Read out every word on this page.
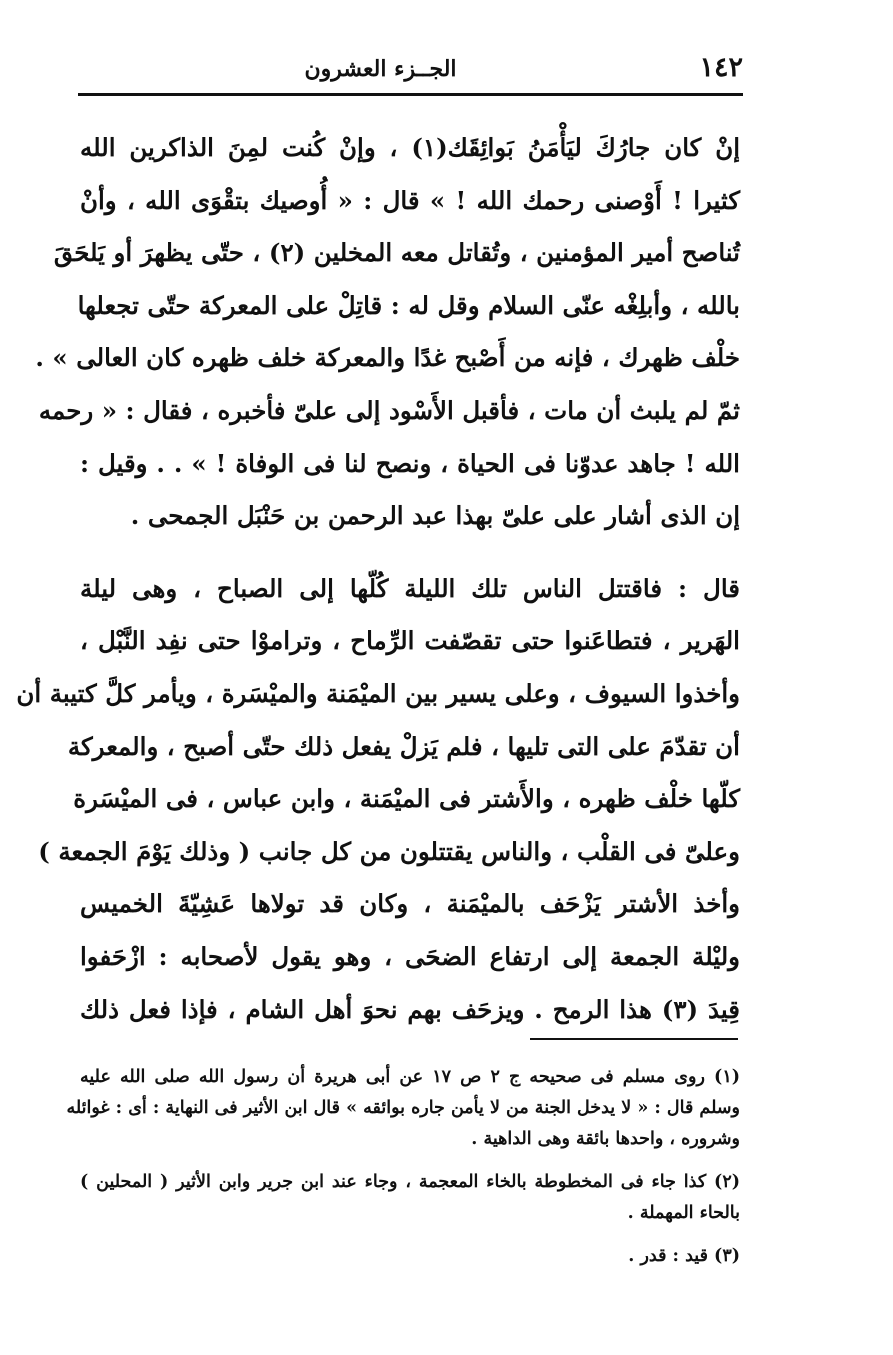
١٤٢
الجــزء العشرون
إنْ كان جارُكَ ليَأْمَنُ بَوائِقَك(١) ، وإنْ كُنت لمِنَ الذاكرين الله
كثيرا ! أَوْصنى رحمك الله ! » قال : « أُوصيك بتقْوَى الله ، وأنْ
تُناصح أمير المؤمنين ، وتُقاتل معه المخلين (٢) ، حتّى يظهرَ أو يَلحَقَ
بالله ، وأبلِغْه عنّى السلام وقل له : قاتِلْ على المعركة حتّى تجعلها
خلْف ظهرك ، فإنه من أَصْبح غدًا والمعركة خلف ظهره كان العالى » .
ثمّ لم يلبث أن مات ، فأقبل الأَسْود إلى علىّ فأخبره ، فقال : « رحمه
الله ! جاهد عدوّنا فى الحياة ، ونصح لنا فى الوفاة ! » . . وقيل :
إن الذى أشار على علىّ بهذا عبد الرحمن بن حَنْبَل الجمحى .
قال : فاقتتل الناس تلك الليلة كُلّها إلى الصباح ، وهى ليلة
الهَرير ، فتطاعَنوا حتى تقصّفت الرِّماح ، وتراموْا حتى نفِد النَّبْل ،
وأخذوا السيوف ، وعلى يسير بين الميْمَنة والميْسَرة ، ويأمر كلَّ كتيبة أن
أن تقدّمَ على التى تليها ، فلم يَزلْ يفعل ذلك حتّى أصبح ، والمعركة
كلّها خلْف ظهره ، والأَشتر فى الميْمَنة ، وابن عباس ، فى الميْسَرة
وعلىّ فى القلْب ، والناس يقتتلون من كل جانب ( وذلك يَوْمَ الجمعة )
وأخذ الأشتر يَزْحَف بالميْمَنة ، وكان قد تولاها عَشِيّةَ الخميس
وليْلة الجمعة إلى ارتفاع الضحَى ، وهو يقول لأصحابه : ازْحَفوا
قِيدَ (٣) هذا الرمح . ويزحَف بهم نحوَ أهل الشام ، فإذا فعل ذلك
(١) روى مسلم فى صحيحه ج ٢ ص ١٧ عن أبى هريرة أن رسول الله صلى الله عليه
وسلم قال : « لا يدخل الجنة من لا يأمن جاره بوائقه » قال ابن الأثير فى النهاية : أى : غوائله
وشروره ، واحدها بائقة وهى الداهية .
(٢) كذا جاء فى المخطوطة بالخاء المعجمة ، وجاء عند ابن جرير وابن الأثير ( المحلين )
بالحاء المهملة .
(٣) قيد : قدر .
